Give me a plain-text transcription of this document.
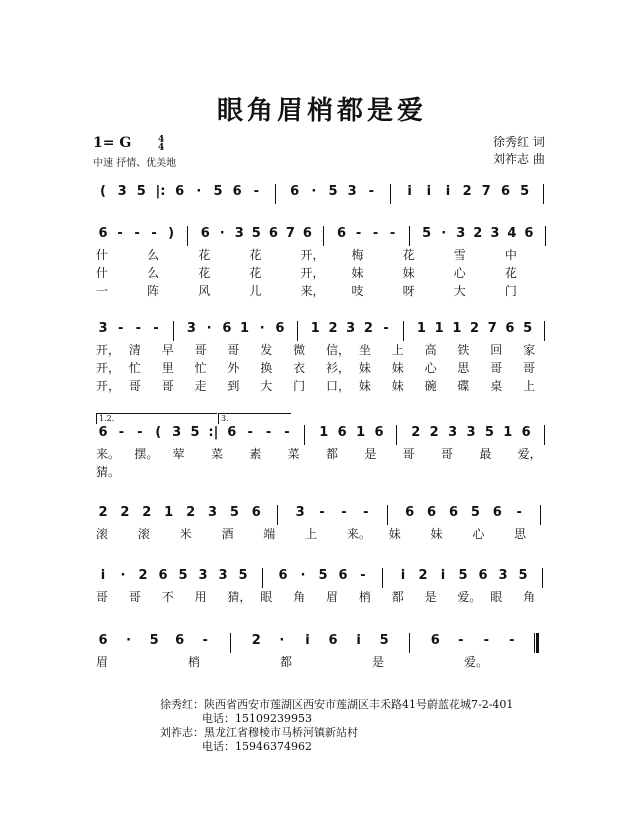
眼角眉梢都是爱
1= G	4
4
中速 抒情、优美地
徐秀红 词
刘祚志 曲
( 3 5 |: 6 · 5 6 -	6 · 5 3 -	i	i	i 2 7 6 5
6 - - - )	6 · 3 5 6 7 6 6 - - -	5 · 3 2 3 4 6
什	么	花	花	开， 梅	花	雪	中
什	么	花	花	开， 妹	妹	心	花
一	阵	风	儿	来， 吱	呀	大	门
3 - - -	3 · 6 1 · 6 1 2 3 2 -	1 1 1 2 7 6 5
开， 清 早 哥 哥 发 微 信， 坐 上 高 铁 回 家
开， 忙 里 忙 外 换 衣 衫， 妹 妹 心 思 哥 哥
开， 哥 哥 走 到 大 门 口， 妹 妹 碗 碟 桌 上
6 -	- ( 3 5 :| 6 -	-	-	1 6 1 6 2 2 3 3 5 1 6
1.2.	3.
来。 摆。 荤 菜 素 菜 都 是 哥 哥 最 爱，
猜。
2 2 2 1 2 3 5 6	3	-	-	-	6 6 6 5 6	-
滚 滚 米 酒 端 上 来。 妹 妹 心 思
i	·	2 6 5 3 3 5 6	·	5 6 -	i	2	i	5 6 3 5
哥 哥 不 用 猜， 眼 角 眉 梢 都 是 爱。 眼 角
6	·	5 6	-	2	·	i	6	i	5	6	-	-	-
眉	梢	都	是	爱。
徐秀红：陕西省西安市莲湖区西安市莲湖区丰禾路41号蔚蓝花城7-2-401
电话：15109239953
刘祚志：黑龙江省穆棱市马桥河镇新站村
电话：15946374962
